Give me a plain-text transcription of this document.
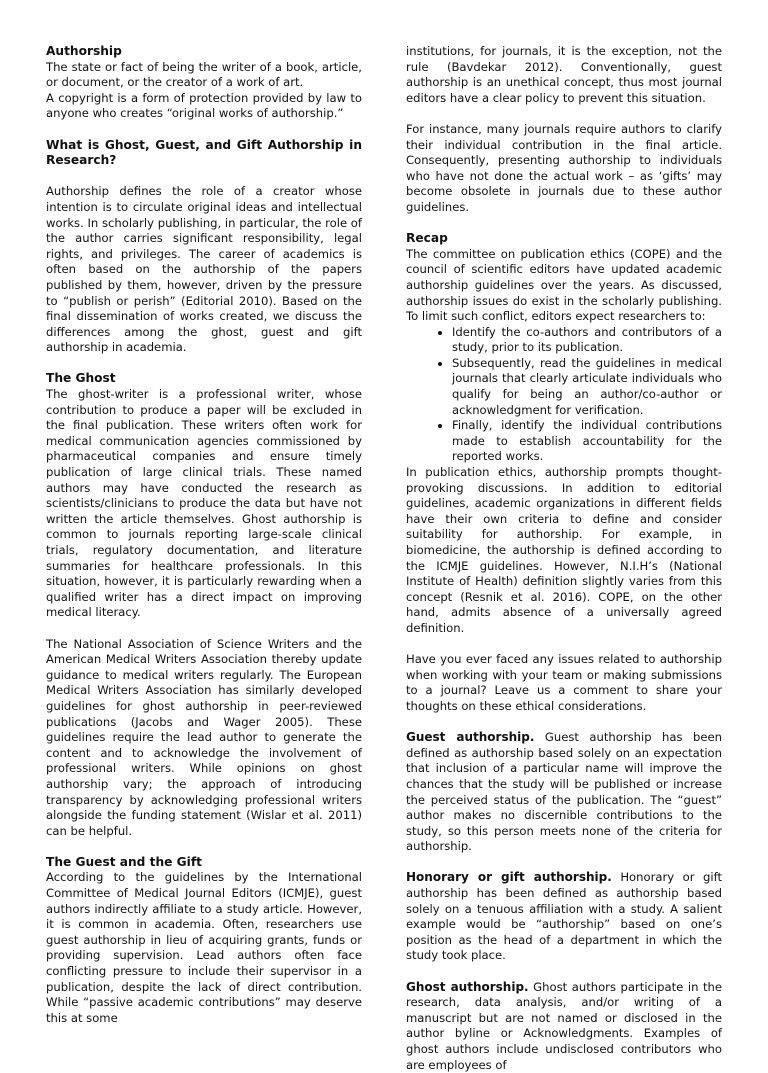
Authorship

The state or fact of being the writer of a book, article, or document, or the creator of a work of art.

A copyright is a form of protection provided by law to anyone who creates “original works of authorship.”

What is Ghost, Guest, and Gift Authorship in Research?

Authorship defines the role of a creator whose intention is to circulate original ideas and intellectual works. In scholarly publishing, in particular, the role of the author carries significant responsibility, legal rights, and privileges. The career of academics is often based on the authorship of the papers published by them, however, driven by the pressure to “publish or perish” (Editorial 2010). Based on the final dissemination of works created, we discuss the differences among the ghost, guest and gift authorship in academia.

The Ghost

The ghost-writer is a professional writer, whose contribution to produce a paper will be excluded in the final publication. These writers often work for medical communication agencies commissioned by pharmaceutical companies and ensure timely publication of large clinical trials. These named authors may have conducted the research as scientists/clinicians to produce the data but have not written the article themselves. Ghost authorship is common to journals reporting large-scale clinical trials, regulatory documentation, and literature summaries for healthcare professionals. In this situation, however, it is particularly rewarding when a qualified writer has a direct impact on improving medical literacy.

The National Association of Science Writers and the American Medical Writers Association thereby update guidance to medical writers regularly. The European Medical Writers Association has similarly developed guidelines for ghost authorship in peer-reviewed publications (Jacobs and Wager 2005). These guidelines require the lead author to generate the content and to acknowledge the involvement of professional writers. While opinions on ghost authorship vary; the approach of introducing transparency by acknowledging professional writers alongside the funding statement (Wislar et al. 2011) can be helpful.

The Guest and the Gift

According to the guidelines by the International Committee of Medical Journal Editors (ICMJE), guest authors indirectly affiliate to a study article. However, it is common in academia. Often, researchers use guest authorship in lieu of acquiring grants, funds or providing supervision. Lead authors often face conflicting pressure to include their supervisor in a publication, despite the lack of direct contribution. While “passive academic contributions” may deserve this at some

institutions, for journals, it is the exception, not the rule (Bavdekar 2012). Conventionally, guest authorship is an unethical concept, thus most journal editors have a clear policy to prevent this situation.

For instance, many journals require authors to clarify their individual contribution in the final article. Consequently, presenting authorship to individuals who have not done the actual work – as ‘gifts’ may become obsolete in journals due to these author guidelines.

Recap

The committee on publication ethics (COPE) and the council of scientific editors have updated academic authorship guidelines over the years. As discussed, authorship issues do exist in the scholarly publishing. To limit such conflict, editors expect researchers to:

• Identify the co-authors and contributors of a study, prior to its publication.
• Subsequently, read the guidelines in medical journals that clearly articulate individuals who qualify for being an author/co-author or acknowledgment for verification.
• Finally, identify the individual contributions made to establish accountability for the reported works.

In publication ethics, authorship prompts thought-provoking discussions. In addition to editorial guidelines, academic organizations in different fields have their own criteria to define and consider suitability for authorship. For example, in biomedicine, the authorship is defined according to the ICMJE guidelines. However, N.I.H’s (National Institute of Health) definition slightly varies from this concept (Resnik et al. 2016). COPE, on the other hand, admits absence of a universally agreed definition.

Have you ever faced any issues related to authorship when working with your team or making submissions to a journal? Leave us a comment to share your thoughts on these ethical considerations.

Guest authorship. Guest authorship has been defined as authorship based solely on an expectation that inclusion of a particular name will improve the chances that the study will be published or increase the perceived status of the publication. The “guest” author makes no discernible contributions to the study, so this person meets none of the criteria for authorship.

Honorary or gift authorship. Honorary or gift authorship has been defined as authorship based solely on a tenuous affiliation with a study. A salient example would be “authorship” based on one’s position as the head of a department in which the study took place.

Ghost authorship. Ghost authors participate in the research, data analysis, and/or writing of a manuscript but are not named or disclosed in the author byline or Acknowledgments. Examples of ghost authors include undisclosed contributors who are employees of
